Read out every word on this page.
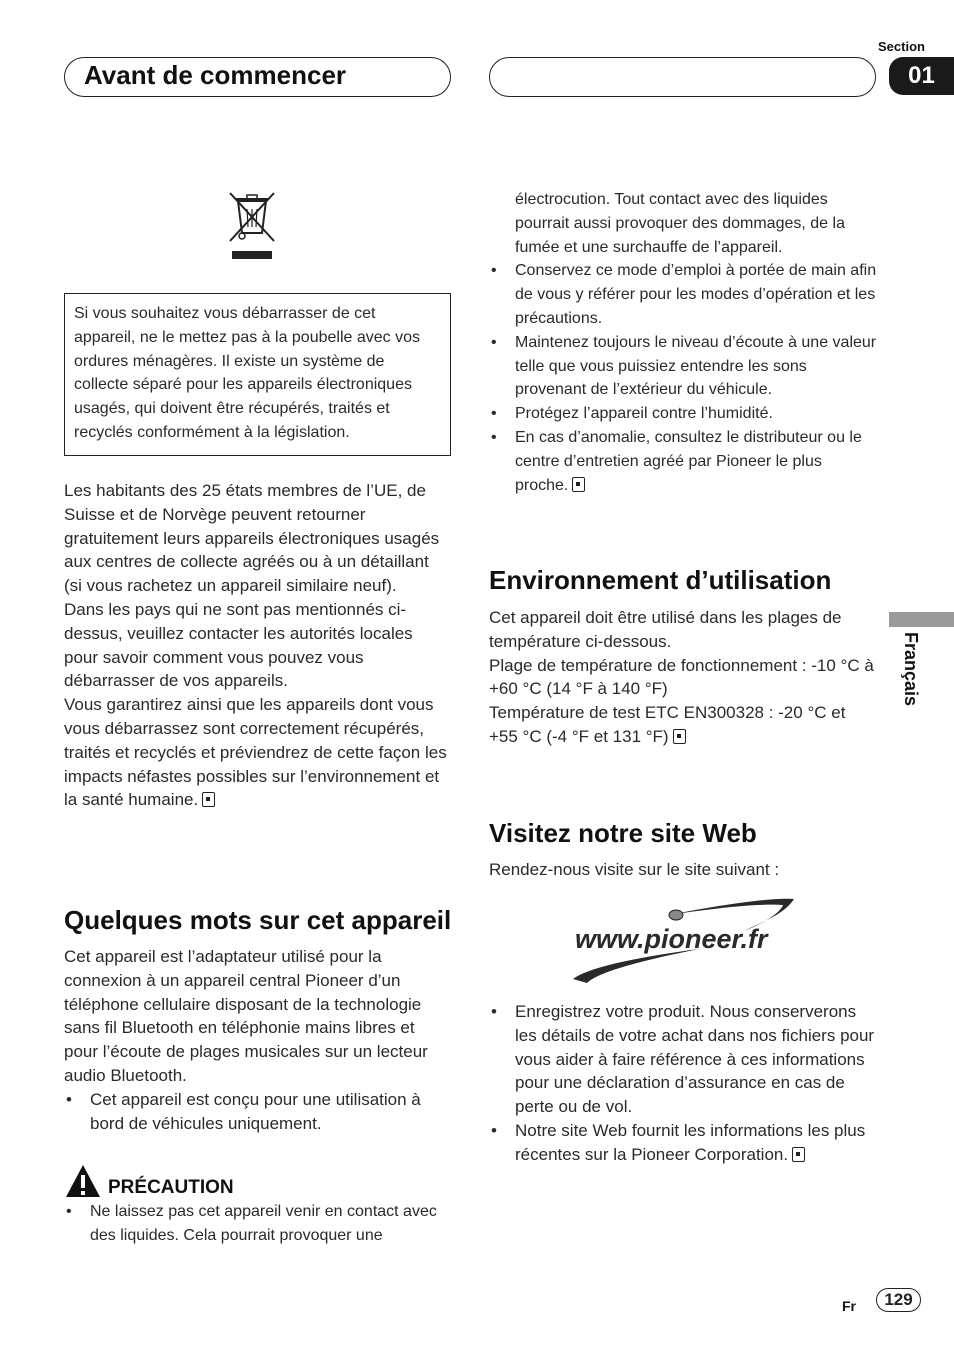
Avant de commencer
Section
01
Français

Si vous souhaitez vous débarrasser de cet appareil, ne le mettez pas à la poubelle avec vos ordures ménagères. Il existe un système de collecte séparé pour les appareils électroniques usagés, qui doivent être récupérés, traités et recyclés conformément à la législation.

Les habitants des 25 états membres de l’UE, de Suisse et de Norvège peuvent retourner gratuitement leurs appareils électroniques usagés aux centres de collecte agréés ou à un détaillant (si vous rachetez un appareil similaire neuf).

Dans les pays qui ne sont pas mentionnés ci-dessus, veuillez contacter les autorités locales pour savoir comment vous pouvez vous débarrasser de vos appareils.

Vous garantirez ainsi que les appareils dont vous vous débarrassez sont correctement récupérés, traités et recyclés et préviendrez de cette façon les impacts néfastes possibles sur l’environnement et la santé humaine.

Quelques mots sur cet appareil

Cet appareil est l’adaptateur utilisé pour la connexion à un appareil central Pioneer d’un téléphone cellulaire disposant de la technologie sans fil Bluetooth en téléphonie mains libres et pour l’écoute de plages musicales sur un lecteur audio Bluetooth.

• Cet appareil est conçu pour une utilisation à bord de véhicules uniquement.
PRÉCAUTION
• Ne laissez pas cet appareil venir en contact avec des liquides. Cela pourrait provoquer une

électrocution. Tout contact avec des liquides pourrait aussi provoquer des dommages, de la fumée et une surchauffe de l’appareil.

• Conservez ce mode d’emploi à portée de main afin de vous y référer pour les modes d’opération et les précautions.
• Maintenez toujours le niveau d’écoute à une valeur telle que vous puissiez entendre les sons provenant de l’extérieur du véhicule.
• Protégez l’appareil contre l’humidité.
• En cas d’anomalie, consultez le distributeur ou le centre d’entretien agréé par Pioneer le plus proche.
Environnement d’utilisation

Cet appareil doit être utilisé dans les plages de température ci-dessous.

Plage de température de fonctionnement : -10 °C à +60 °C (14 °F à 140 °F)

Température de test ETC EN300328 : -20 °C et +55 °C (-4 °F et 131 °F)

Visitez notre site Web
Rendez-nous visite sur le site suivant :
www.pioneer.fr
• Enregistrez votre produit. Nous conserverons les détails de votre achat dans nos fichiers pour vous aider à faire référence à ces informations pour une déclaration d’assurance en cas de perte ou de vol.
• Notre site Web fournit les informations les plus récentes sur la Pioneer Corporation.
Fr	129
